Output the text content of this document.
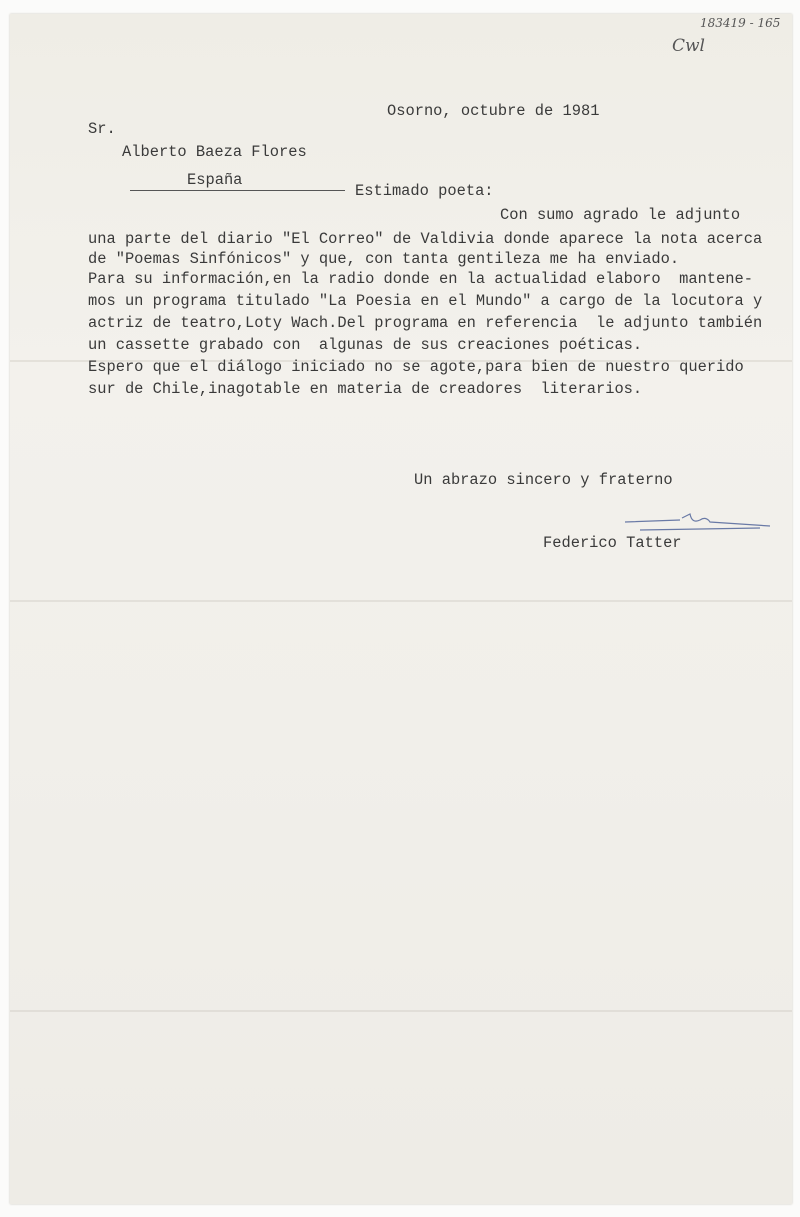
183419 - 165
Cwl
Osorno, octubre de 1981
Sr.
Alberto Baeza Flores
España
Estimado poeta:
Con sumo agrado le adjunto
una parte del diario "El Correo" de Valdivia donde aparece la nota acerca
de "Poemas Sinfónicos" y que, con tanta gentileza me ha enviado.
Para su información,en la radio donde en la actualidad elaboro  mantene-
mos un programa titulado "La Poesia en el Mundo" a cargo de la locutora y
actriz de teatro,Loty Wach.Del programa en referencia  le adjunto también
un cassette grabado con  algunas de sus creaciones poéticas.
Espero que el diálogo iniciado no se agote,para bien de nuestro querido
sur de Chile,inagotable en materia de creadores  literarios.
Un abrazo sincero y fraterno
Federico Tatter
